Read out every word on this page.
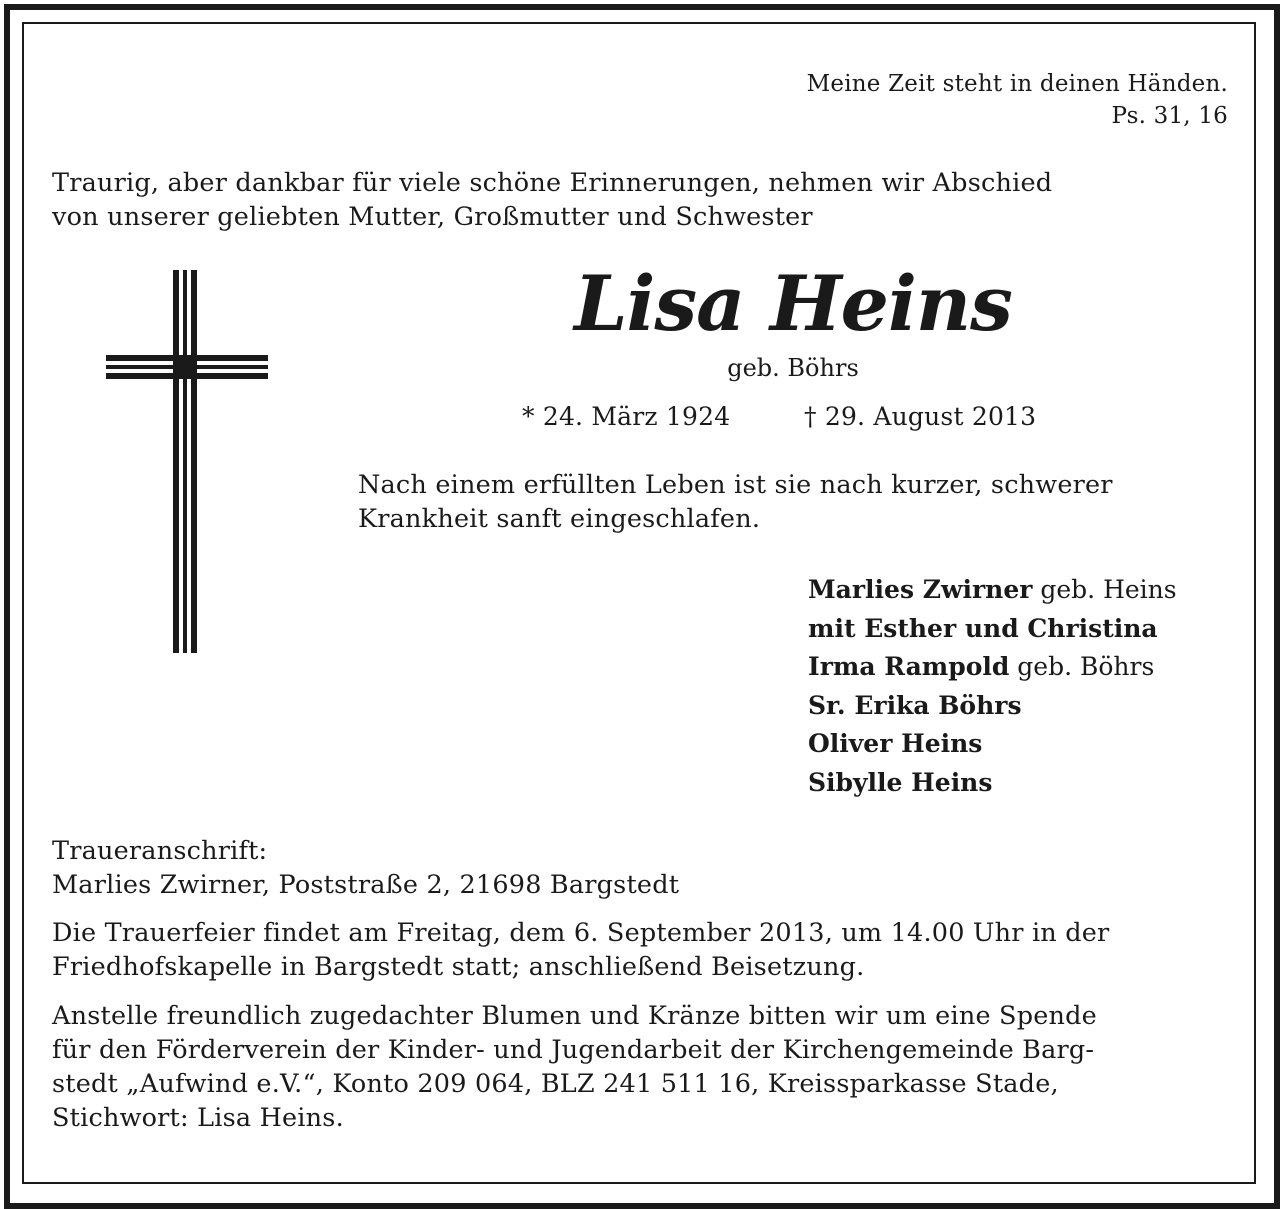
Meine Zeit steht in deinen Händen.
Ps. 31, 16
Traurig, aber dankbar für viele schöne Erinnerungen, nehmen wir Abschied
von unserer geliebten Mutter, Großmutter und Schwester
Lisa Heins
geb. Böhrs
* 24. März 1924	† 29. August 2013
Nach einem erfüllten Leben ist sie nach kurzer, schwerer
Krankheit sanft eingeschlafen.
Marlies Zwirner geb. Heins
mit Esther und Christina
Irma Rampold geb. Böhrs
Sr. Erika Böhrs
Oliver Heins
Sibylle Heins
Traueranschrift:
Marlies Zwirner, Poststraße 2, 21698 Bargstedt
Die Trauerfeier findet am Freitag, dem 6. September 2013, um 14.00 Uhr in der
Friedhofskapelle in Bargstedt statt; anschließend Beisetzung.
Anstelle freundlich zugedachter Blumen und Kränze bitten wir um eine Spende
für den Förderverein der Kinder- und Jugendarbeit der Kirchengemeinde Barg-
stedt „Aufwind e.V.“, Konto 209 064, BLZ 241 511 16, Kreissparkasse Stade,
Stichwort: Lisa Heins.
